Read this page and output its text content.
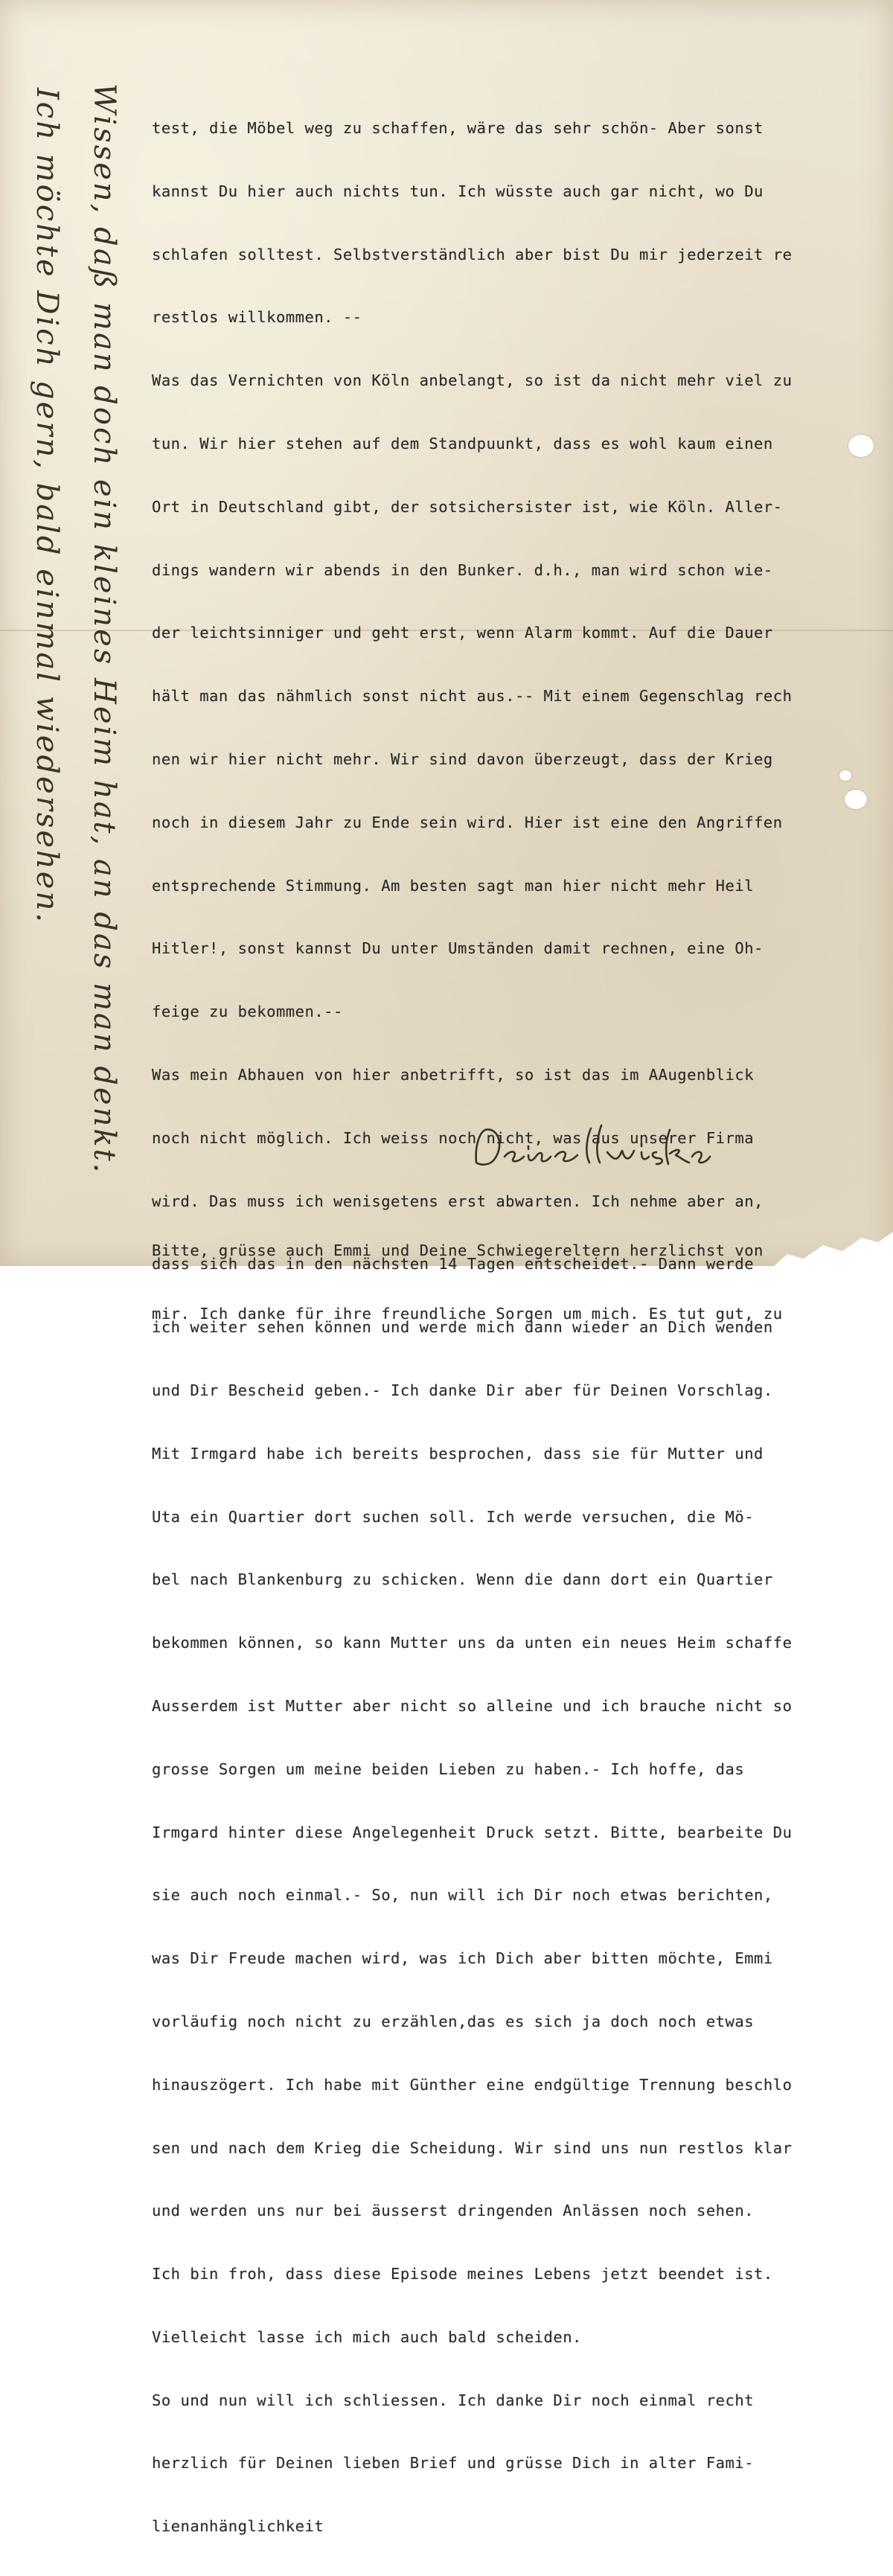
Wissen, daß man doch ein kleines Heim hat, an das man denkt.
Ich möchte Dich gern, bald einmal wiedersehen.

	test, die Möbel weg zu schaffen, wäre das sehr schön- Aber sonst

kannst Du hier auch nichts tun. Ich wüsste auch gar nicht, wo Du

schlafen solltest. Selbstverständlich aber bist Du mir jederzeit re

restlos willkommen. --

Was das Vernichten von Köln anbelangt, so ist da nicht mehr viel zu

tun. Wir hier stehen auf dem Standpuunkt, dass es wohl kaum einen

Ort in Deutschland gibt, der sotsichersister ist, wie Köln. Aller-

dings wandern wir abends in den Bunker. d.h., man wird schon wie-

der leichtsinniger und geht erst, wenn Alarm kommt. Auf die Dauer

hält man das nähmlich sonst nicht aus.-- Mit einem Gegenschlag rech

nen wir hier nicht mehr. Wir sind davon überzeugt, dass der Krieg

noch in diesem Jahr zu Ende sein wird. Hier ist eine den Angriffen

entsprechende Stimmung. Am besten sagt man hier nicht mehr Heil

Hitler!, sonst kannst Du unter Umständen damit rechnen, eine Oh-

feige zu bekommen.--

Was mein Abhauen von hier anbetrifft, so ist das im AAugenblick

noch nicht möglich. Ich weiss noch nicht, was aus unserer Firma

wird. Das muss ich wenisgetens erst abwarten. Ich nehme aber an,

dass sich das in den nächsten 14 Tagen entscheidet.- Dann werde

ich weiter sehen können und werde mich dann wieder an Dich wenden

und Dir Bescheid geben.- Ich danke Dir aber für Deinen Vorschlag.

Mit Irmgard habe ich bereits besprochen, dass sie für Mutter und

Uta ein Quartier dort suchen soll. Ich werde versuchen, die Mö-

bel nach Blankenburg zu schicken. Wenn die dann dort ein Quartier

bekommen können, so kann Mutter uns da unten ein neues Heim schaffe

Ausserdem ist Mutter aber nicht so alleine und ich brauche nicht so

grosse Sorgen um meine beiden Lieben zu haben.- Ich hoffe, das

Irmgard hinter diese Angelegenheit Druck setzt. Bitte, bearbeite Du

sie auch noch einmal.- So, nun will ich Dir noch etwas berichten,

was Dir Freude machen wird, was ich Dich aber bitten möchte, Emmi

vorläufig noch nicht zu erzählen,das es sich ja doch noch etwas

hinauszögert. Ich habe mit Günther eine endgültige Trennung beschlo

sen und nach dem Krieg die Scheidung. Wir sind uns nun restlos klar

und werden uns nur bei äusserst dringenden Anlässen noch sehen.

Ich bin froh, dass diese Episode meines Lebens jetzt beendet ist.

Vielleicht lasse ich mich auch bald scheiden.

So und nun will ich schliessen. Ich danke Dir noch einmal recht

herzlich für Deinen lieben Brief und grüsse Dich in alter Fami-

lienanhänglichkeit

Bitte, grüsse auch Emmi und Deine Schwiegereltern herzlichst von

mir. Ich danke für ihre freundliche Sorgen um mich. Es tut gut, zu
